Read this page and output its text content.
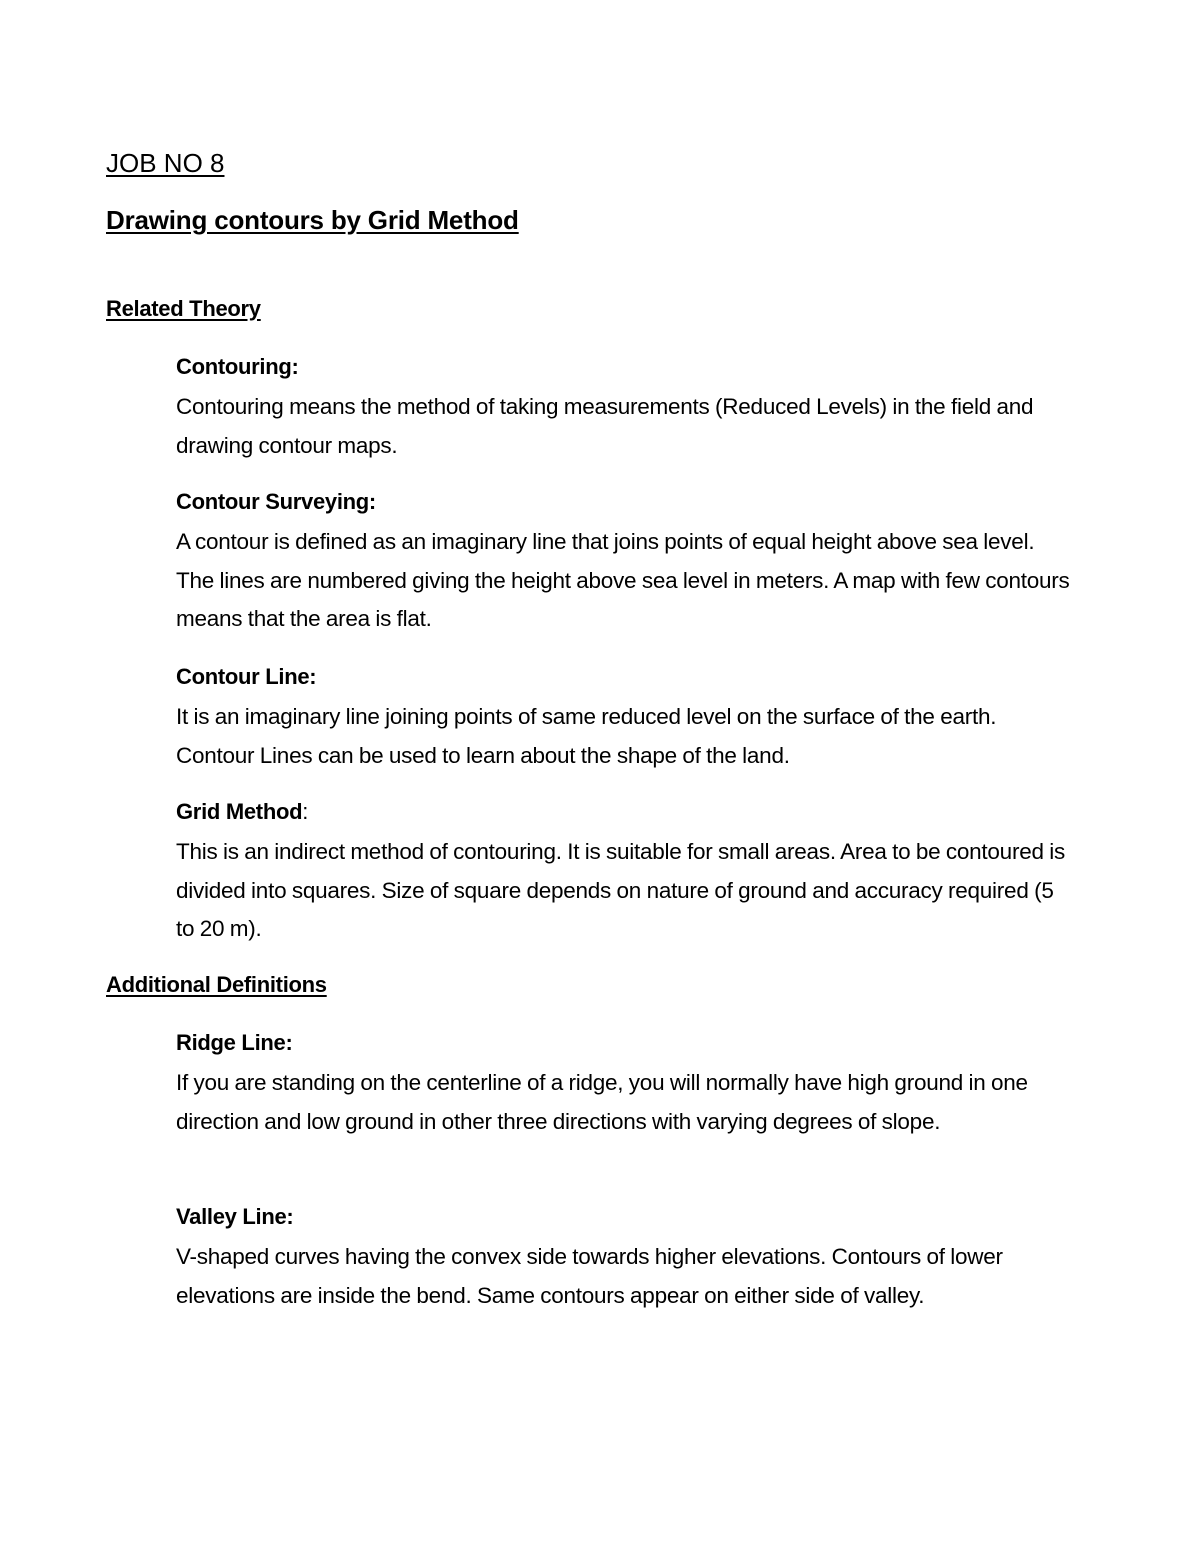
JOB NO 8
Drawing contours by Grid Method
Related Theory

Contouring:

Contouring means the method of taking measurements (Reduced Levels) in the field and drawing contour maps.

Contour Surveying:

A contour is defined as an imaginary line that joins points of equal height above sea level. The lines are numbered giving the height above sea level in meters. A map with few contours means that the area is flat.

Contour Line:

It is an imaginary line joining points of same reduced level on the surface of the earth. Contour Lines can be used to learn about the shape of the land.

Grid Method:

This is an indirect method of contouring. It is suitable for small areas. Area to be contoured is divided into squares. Size of square depends on nature of ground and accuracy required (5 to 20 m).

Additional Definitions

Ridge Line:

If you are standing on the centerline of a ridge, you will normally have high ground in one direction and low ground in other three directions with varying degrees of slope.

Valley Line:

V-shaped curves having the convex side towards higher elevations. Contours of lower elevations are inside the bend. Same contours appear on either side of valley.
